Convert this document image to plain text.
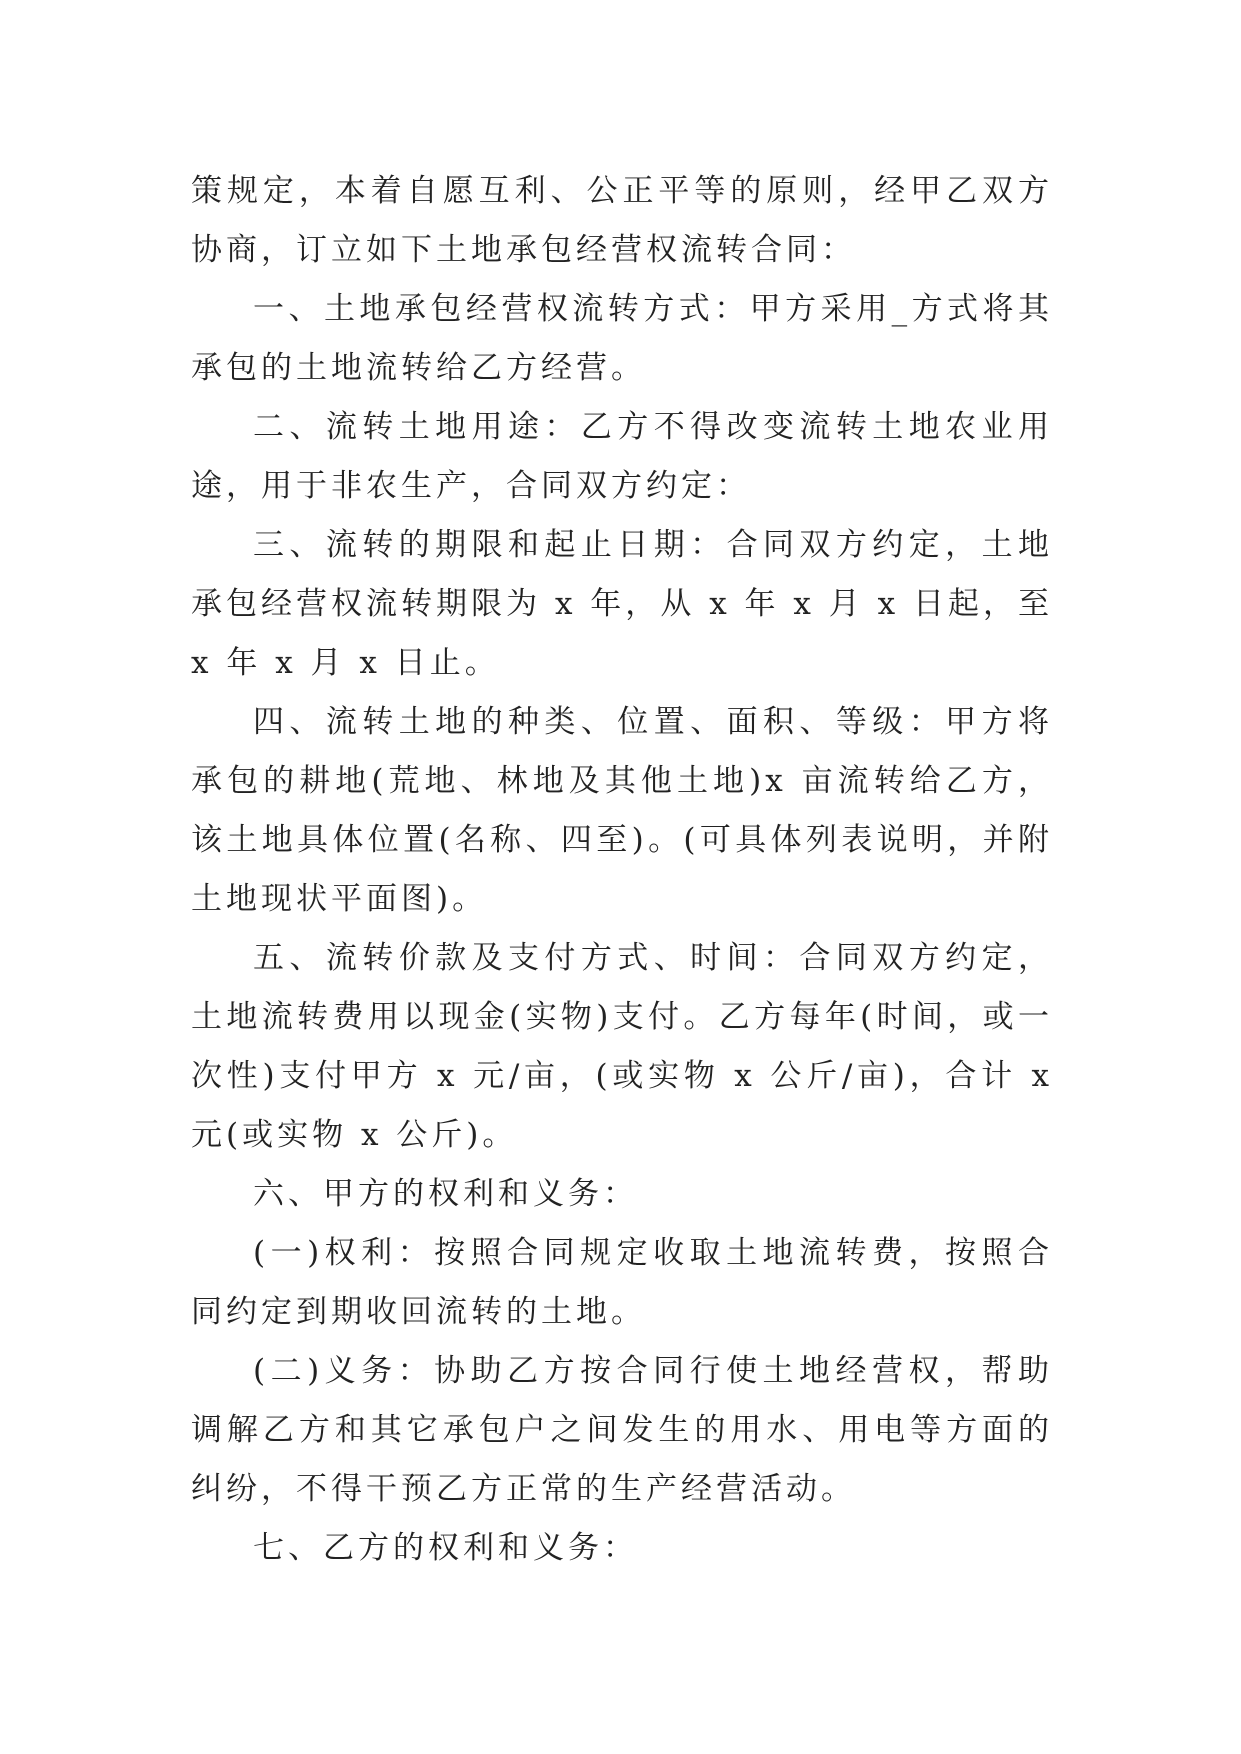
策规定，本着自愿互利、公正平等的原则，经甲乙双方协商，订立如下土地承包经营权流转合同：

一、土地承包经营权流转方式：甲方采用_方式将其承包的土地流转给乙方经营。

二、流转土地用途：乙方不得改变流转土地农业用途，用于非农生产，合同双方约定：

三、流转的期限和起止日期：合同双方约定，土地承包经营权流转期限为 x 年，从 x 年 x 月 x 日起，至 x 年 x 月 x 日止。

四、流转土地的种类、位置、面积、等级：甲方将承包的耕地(荒地、林地及其他土地)x 亩流转给乙方，该土地具体位置(名称、四至)。(可具体列表说明，并附土地现状平面图)。

五、流转价款及支付方式、时间：合同双方约定，土地流转费用以现金(实物)支付。乙方每年(时间，或一次性)支付甲方 x 元/亩，(或实物 x 公斤/亩)，合计 x 元(或实物 x 公斤)。

六、甲方的权利和义务：

(一)权利：按照合同规定收取土地流转费，按照合同约定到期收回流转的土地。

(二)义务：协助乙方按合同行使土地经营权，帮助调解乙方和其它承包户之间发生的用水、用电等方面的纠纷，不得干预乙方正常的生产经营活动。

七、乙方的权利和义务：
